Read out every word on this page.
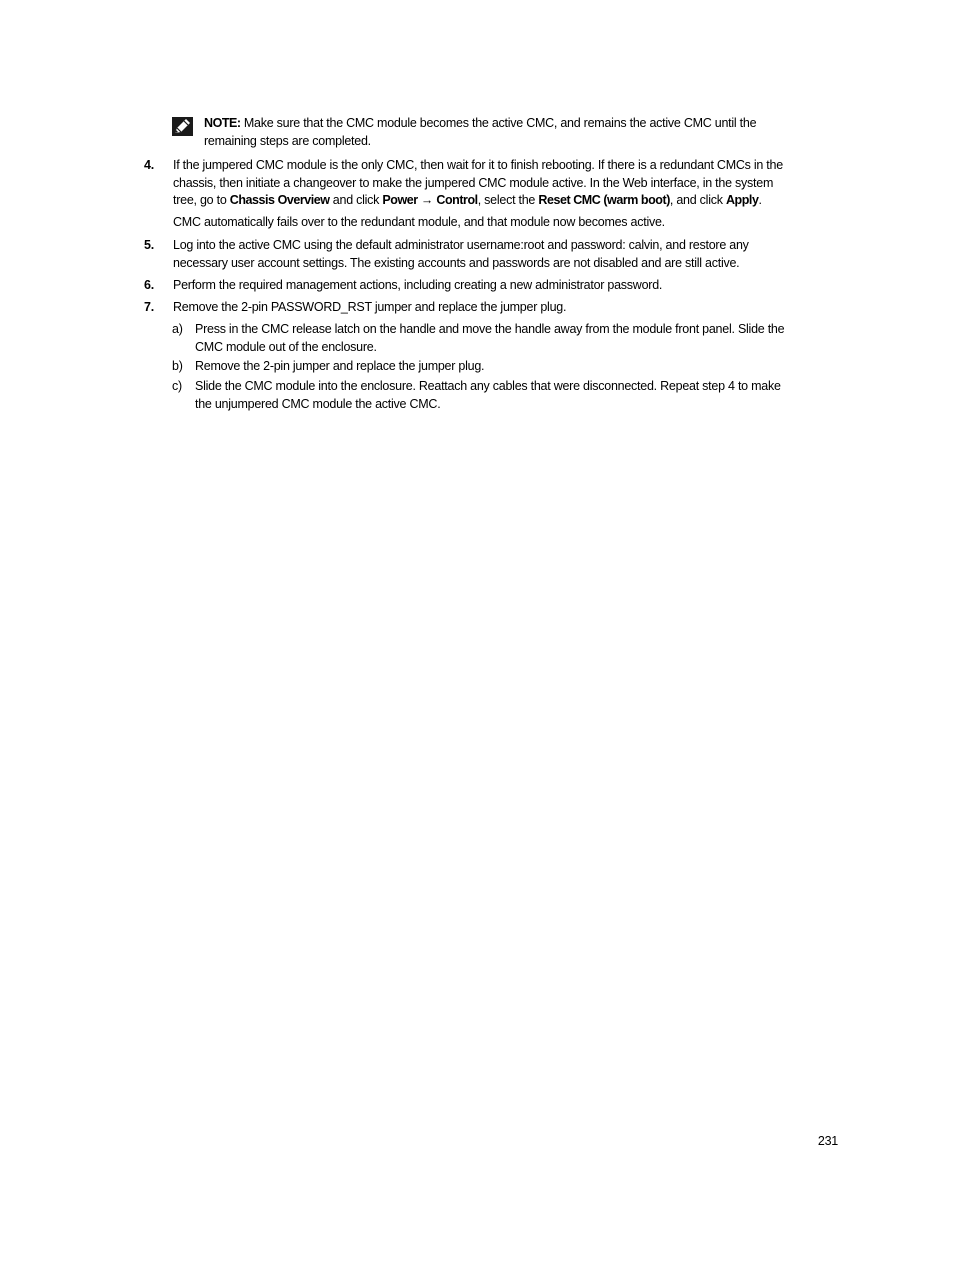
NOTE: Make sure that the CMC module becomes the active CMC, and remains the active CMC until the
remaining steps are completed.
4. If the jumpered CMC module is the only CMC, then wait for it to finish rebooting. If there is a redundant CMCs in the
chassis, then initiate a changeover to make the jumpered CMC module active. In the Web interface, in the system
tree, go to Chassis Overview and click Power → Control, select the Reset CMC (warm boot), and click Apply.
CMC automatically fails over to the redundant module, and that module now becomes active.
5. Log into the active CMC using the default administrator username:root and password: calvin, and restore any
necessary user account settings. The existing accounts and passwords are not disabled and are still active.
6. Perform the required management actions, including creating a new administrator password.
7. Remove the 2-pin PASSWORD_RST jumper and replace the jumper plug.
a) Press in the CMC release latch on the handle and move the handle away from the module front panel. Slide the
CMC module out of the enclosure.
b) Remove the 2-pin jumper and replace the jumper plug.
c) Slide the CMC module into the enclosure. Reattach any cables that were disconnected. Repeat step 4 to make
the unjumpered CMC module the active CMC.
231
